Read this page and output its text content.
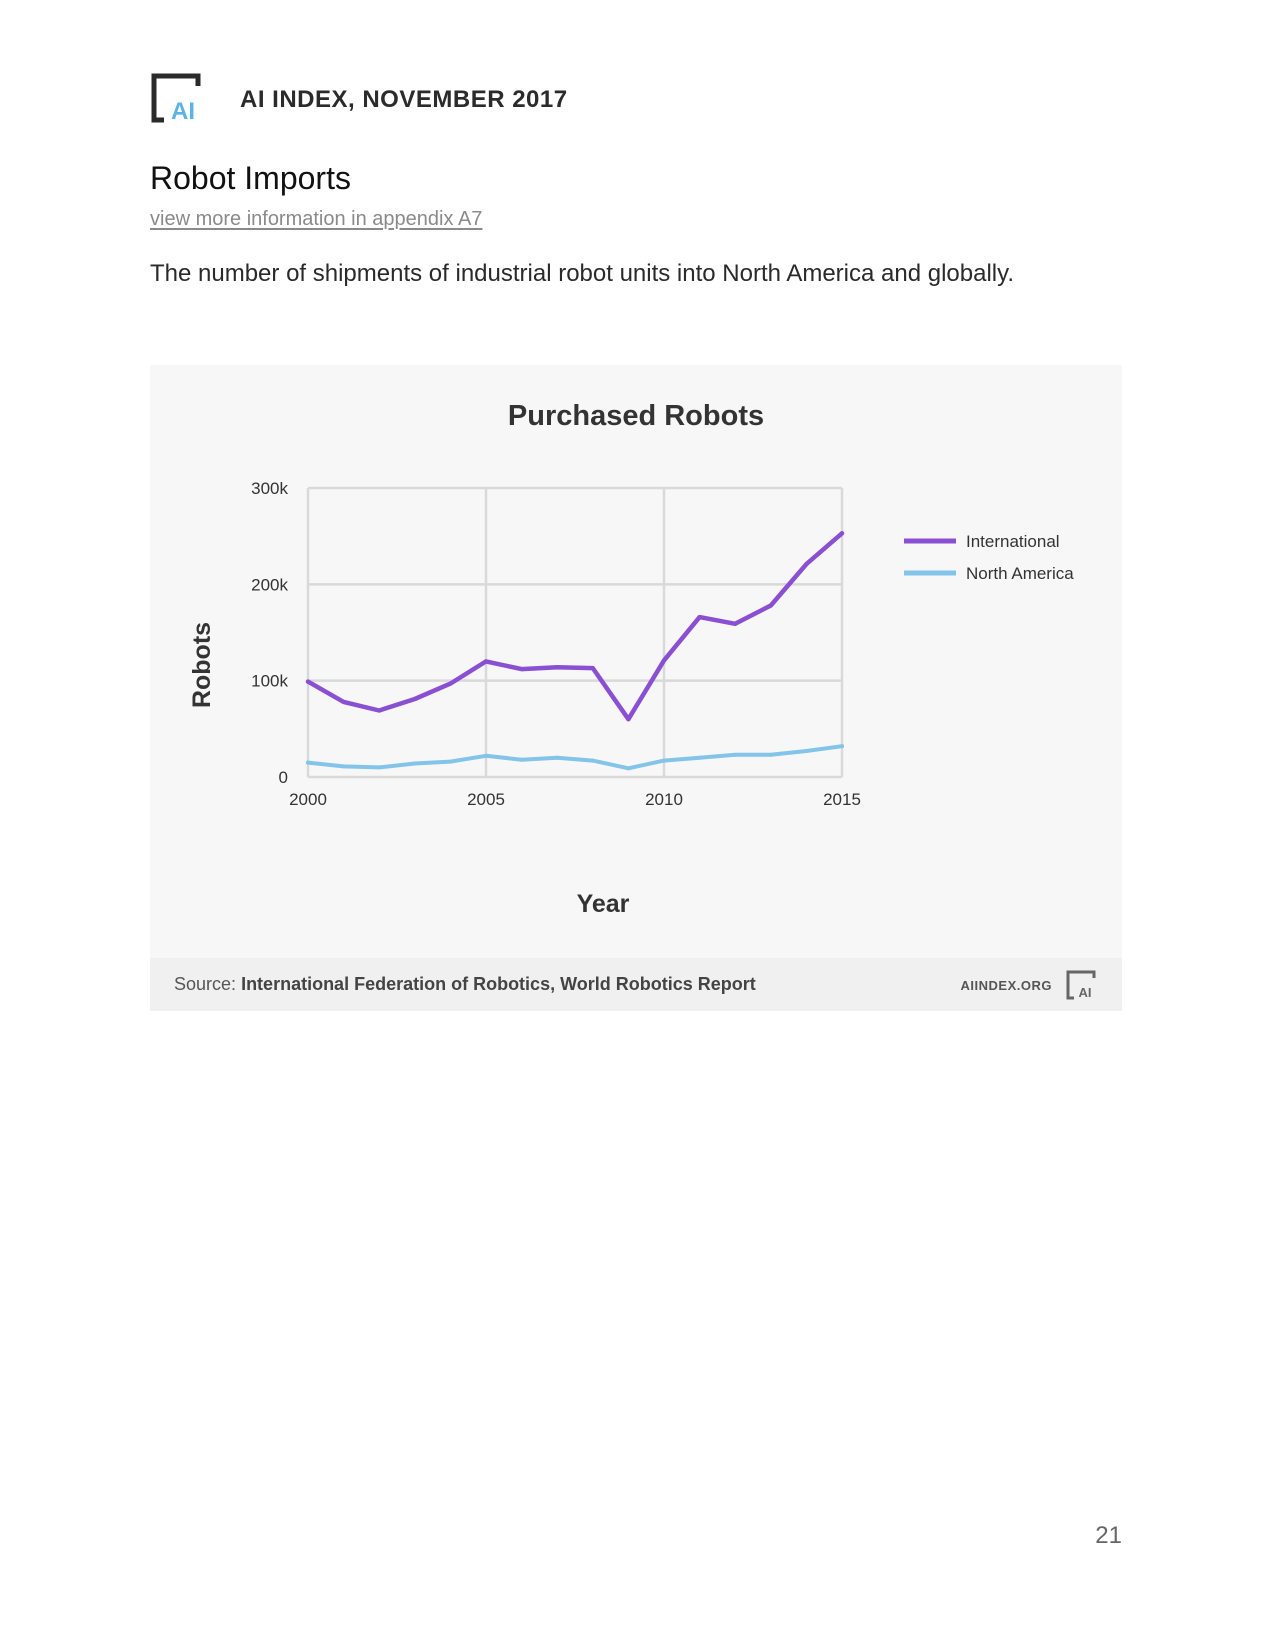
AI AI INDEX, NOVEMBER 2017
Robot Imports
view more information in appendix A7
The number of shipments of industrial robot units into North America and globally.
Purchased Robots
0
100k
200k
300k
2000	2005	2010	2015
International
North America
Year
Robots
Source: International Federation of Robotics, World Robotics Report	AIINDEX.ORG AI
21
